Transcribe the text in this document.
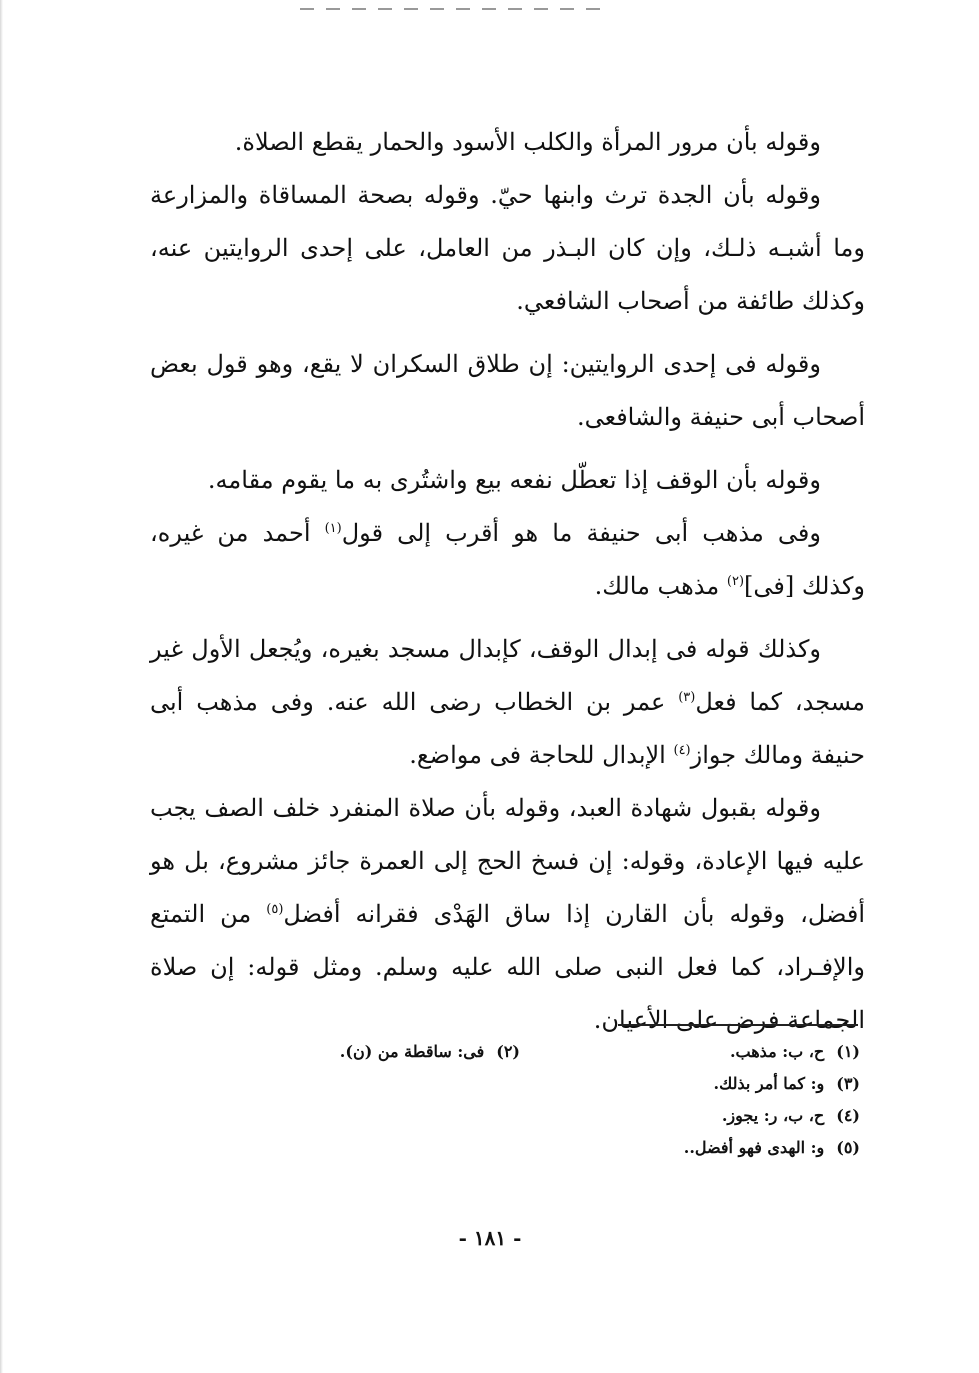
وقوله بأن مرور المرأة والكلب الأسود والحمار يقطع الصلاة.

وقوله بأن الجدة ترث وابنها حيّ. وقوله بصحة المساقاة والمزارعة وما أشبـه ذلـك، وإن كان البـذر من العامل، على إحدى الروايتين عنه، وكذلك طائفة من أصحاب الشافعي.

وقوله فى إحدى الروايتين: إن طلاق السكران لا يقع، وهو قول بعض أصحاب أبى حنيفة والشافعى.

وقوله بأن الوقف إذا تعطّل نفعه بيع واشتُرى به ما يقوم مقامه.

وفى مذهب أبى حنيفة ما هو أقرب إلى قول$^{(١)}$ أحمد من غيره، وكذلك [فى]$^{(٢)}$ مذهب مالك.

وكذلك قوله فى إبدال الوقف، كإبدال مسجد بغيره، ويُجعل الأول غير مسجد، كما فعل$^{(٣)}$ عمر بن الخطاب رضى الله عنه. وفى مذهب أبى حنيفة ومالك جواز$^{(٤)}$ الإبدال للحاجة فى مواضع.

وقوله بقبول شهادة العبد، وقوله بأن صلاة المنفرد خلف الصف يجب عليه فيها الإعادة، وقوله: إن فسخ الحج إلى العمرة جائز مشروع، بل هو أفضل، وقوله بأن القارن إذا ساق الهَدْى فقرانه أفضل$^{(٥)}$ من التمتع والإفـراد، كما فعل النبى صلى الله عليه وسلم. ومثل قوله: إن صلاة الجماعة فرض على الأعيان.

(١)ح، ب: مذهب.
(٣)و: كما أمر بذلك.
(٤)ح، ب، ر: يجوز.
(٥)و: الهدى فهو أفضل..
(٢)فى: ساقطة من (ن).
- ١٨١ -
